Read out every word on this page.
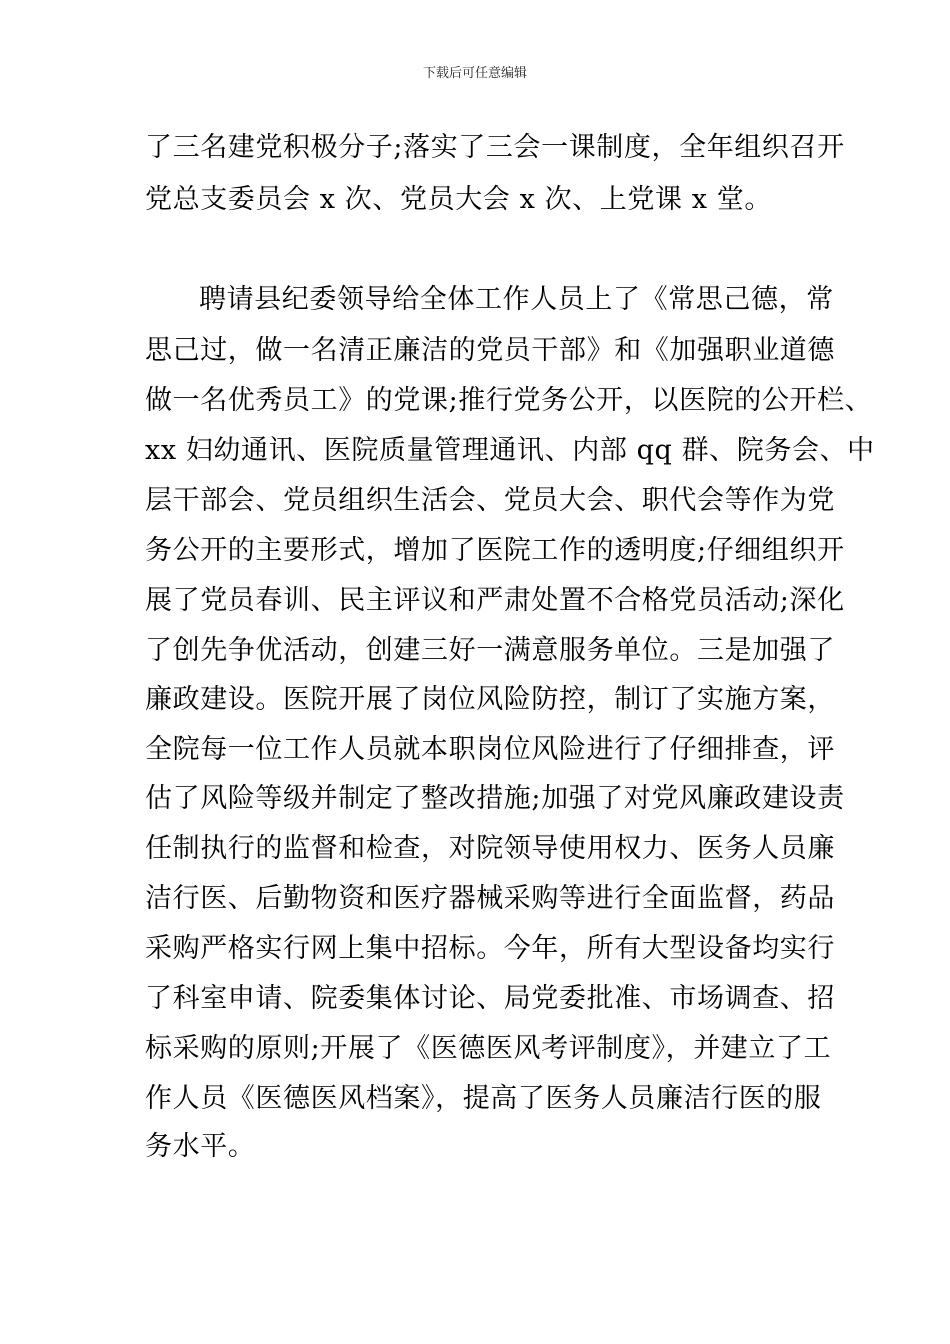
下载后可任意编辑
了三名建党积极分子;落实了三会一课制度，全年组织召开
党总支委员会 x 次、党员大会 x 次、上党课 x 堂。
聘请县纪委领导给全体工作人员上了《常思己德，常
思己过，做一名清正廉洁的党员干部》和《加强职业道德
做一名优秀员工》的党课;推行党务公开，以医院的公开栏、
xx 妇幼通讯、医院质量管理通讯、内部 qq 群、院务会、中
层干部会、党员组织生活会、党员大会、职代会等作为党
务公开的主要形式，增加了医院工作的透明度;仔细组织开
展了党员春训、民主评议和严肃处置不合格党员活动;深化
了创先争优活动，创建三好一满意服务单位。三是加强了
廉政建设。医院开展了岗位风险防控，制订了实施方案，
全院每一位工作人员就本职岗位风险进行了仔细排查，评
估了风险等级并制定了整改措施;加强了对党风廉政建设责
任制执行的监督和检查，对院领导使用权力、医务人员廉
洁行医、后勤物资和医疗器械采购等进行全面监督，药品
采购严格实行网上集中招标。今年，所有大型设备均实行
了科室申请、院委集体讨论、局党委批准、市场调查、招
标采购的原则;开展了《医德医风考评制度》，并建立了工
作人员《医德医风档案》，提高了医务人员廉洁行医的服
务水平。
